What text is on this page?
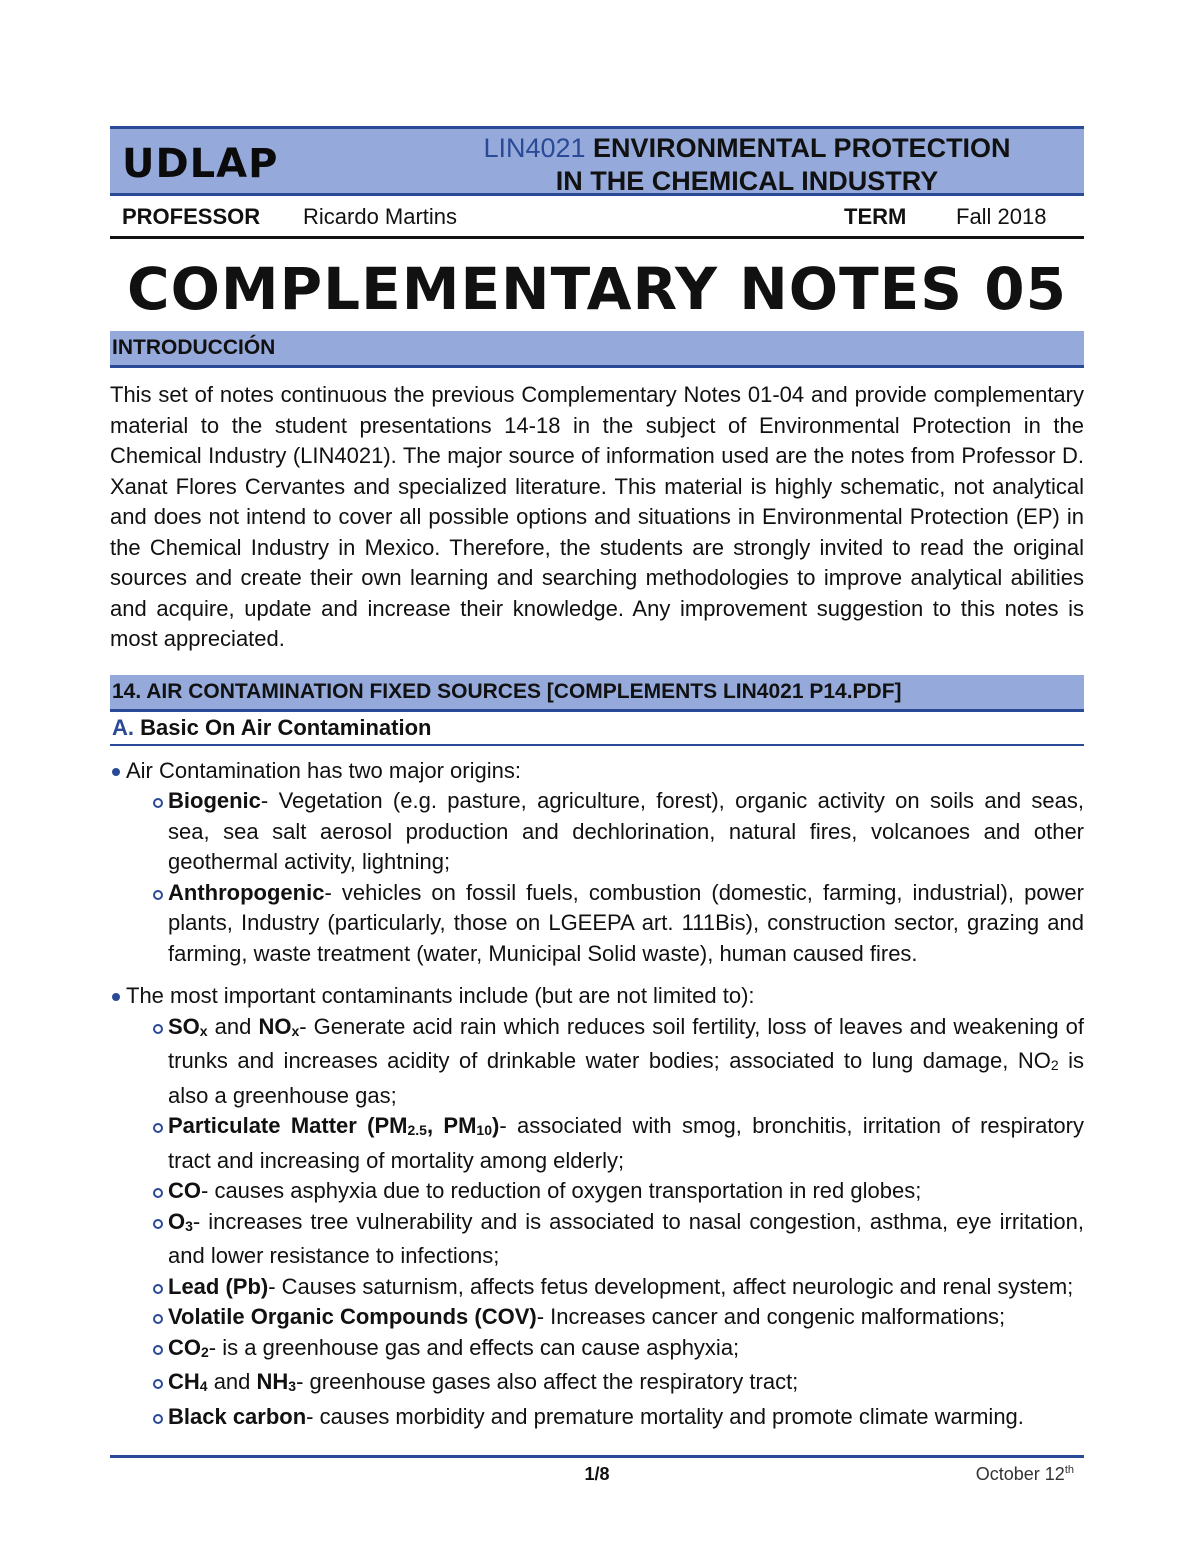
UDLAP	LIN4021 ENVIRONMENTAL PROTECTION
IN THE CHEMICAL INDUSTRY
PROFESSOR Ricardo Martins	TERM Fall 2018
COMPLEMENTARY NOTES 05
INTRODUCCIÓN

This set of notes continuous the previous Complementary Notes 01-04 and provide complementary material to the student presentations 14-18 in the subject of Environmental Protection in the Chemical Industry (LIN4021). The major source of information used are the notes from Professor D. Xanat Flores Cervantes and specialized literature. This material is highly schematic, not analytical and does not intend to cover all possible options and situations in Environmental Protection (EP) in the Chemical Industry in Mexico. Therefore, the students are strongly invited to read the original sources and create their own learning and searching methodologies to improve analytical abilities and acquire, update and increase their knowledge. Any improvement suggestion to this notes is most appreciated.

14. AIR CONTAMINATION FIXED SOURCES [COMPLEMENTS LIN4021 P14.PDF]
A. Basic On Air Contamination
Air Contamination has two major origins:
Biogenic- Vegetation (e.g. pasture, agriculture, forest), organic activity on soils and seas, sea, sea salt aerosol production and dechlorination, natural fires, volcanoes and other geothermal activity, lightning;
Anthropogenic- vehicles on fossil fuels, combustion (domestic, farming, industrial), power plants, Industry (particularly, those on LGEEPA art. 111Bis), construction sector, grazing and farming, waste treatment (water, Municipal Solid waste), human caused fires.
The most important contaminants include (but are not limited to):
$SO_x$ and $NO_x-$ Generate acid rain which reduces soil fertility, loss of leaves and weakening of trunks and increases acidity of drinkable water bodies; associated to lung damage, $NO_2$ is also a greenhouse gas;
Particulate Matter ($PM_{2.5}$, $PM_{10})-$ associated with smog, bronchitis, irritation of respiratory tract and increasing of mortality among elderly;
CO- causes asphyxia due to reduction of oxygen transportation in red globes;
$O_3-$ increases tree vulnerability and is associated to nasal congestion, asthma, eye irritation, and lower resistance to infections;
Lead (Pb)- Causes saturnism, affects fetus development, affect neurologic and renal system;
Volatile Organic Compounds (COV)- Increases cancer and congenic malformations;
$CO_2-$ is a greenhouse gas and effects can cause asphyxia;
$CH_4$ and $NH_3-$ greenhouse gases also affect the respiratory tract;
Black carbon- causes morbidity and premature mortality and promote climate warming.
1/8	October 12th
